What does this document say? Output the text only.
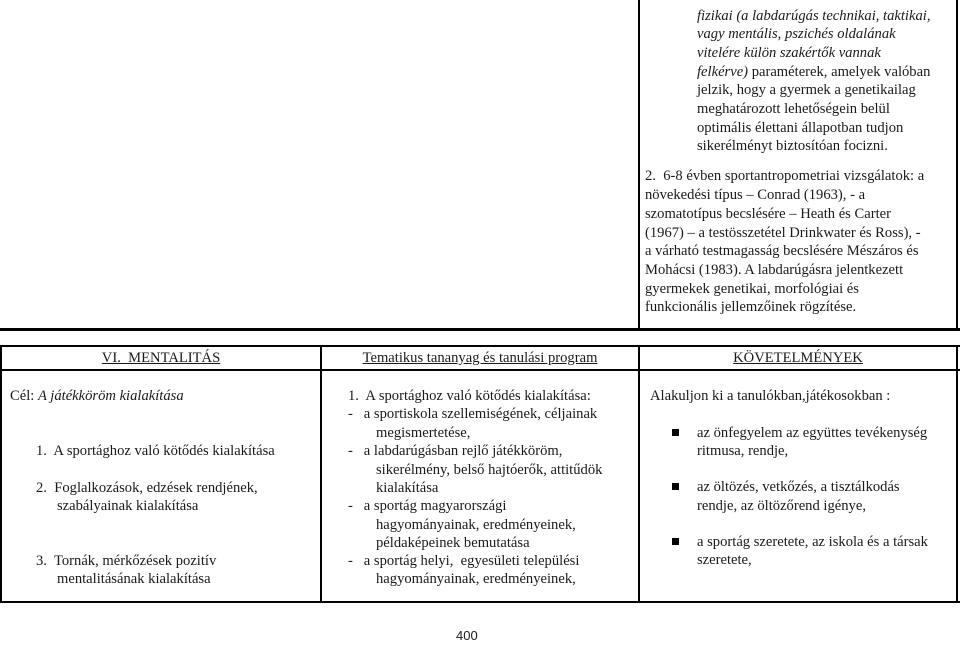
fizikai (a labdarúgás technikai, taktikai,
vagy mentális, pszichés oldalának
vitelére külön szakértők vannak
felkérve) paraméterek, amelyek valóban
jelzik, hogy a gyermek a genetikailag
meghatározott lehetőségein belül
optimális élettani állapotban tudjon
sikerélményt biztosítóan focizni.
2.  6-8 évben sportantropometriai vizsgálatok: a
növekedési típus – Conrad (1963), - a
szomatotípus becslésére – Heath és Carter
(1967) – a testösszetétel Drinkwater és Ross), -
a várható testmagasság becslésére Mészáros és
Mohácsi (1983). A labdarúgásra jelentkezett
gyermekek genetikai, morfológiai és
funkcionális jellemzőinek rögzítése.
VI.  MENTALITÁS	Tematikus tananyag és tanulási program	KÖVETELMÉNYEK
Cél: A játékköröm kialakítása
1.  A sportághoz való kötődés kialakítása
2.  Foglalkozások, edzések rendjének,
szabályainak kialakítása
3.  Tornák, mérkőzések pozitív
mentalitásának kialakítása
1.  A sportághoz való kötődés kialakítása:
-   a sportiskola szellemiségének, céljainak
megismertetése,
-   a labdarúgásban rejlő játékköröm,
sikerélmény, belső hajtóerők, attitűdök
kialakítása
-   a sportág magyarországi
hagyományainak, eredményeinek,
példaképeinek bemutatása
-   a sportág helyi,  egyesületi települési
hagyományainak, eredményeinek,
Alakuljon ki a tanulókban,játékosokban :
az önfegyelem az együttes tevékenység
ritmusa, rendje,
az öltözés, vetkőzés, a tisztálkodás
rendje, az öltözőrend igénye,
a sportág szeretete, az iskola és a társak
szeretete,
400
